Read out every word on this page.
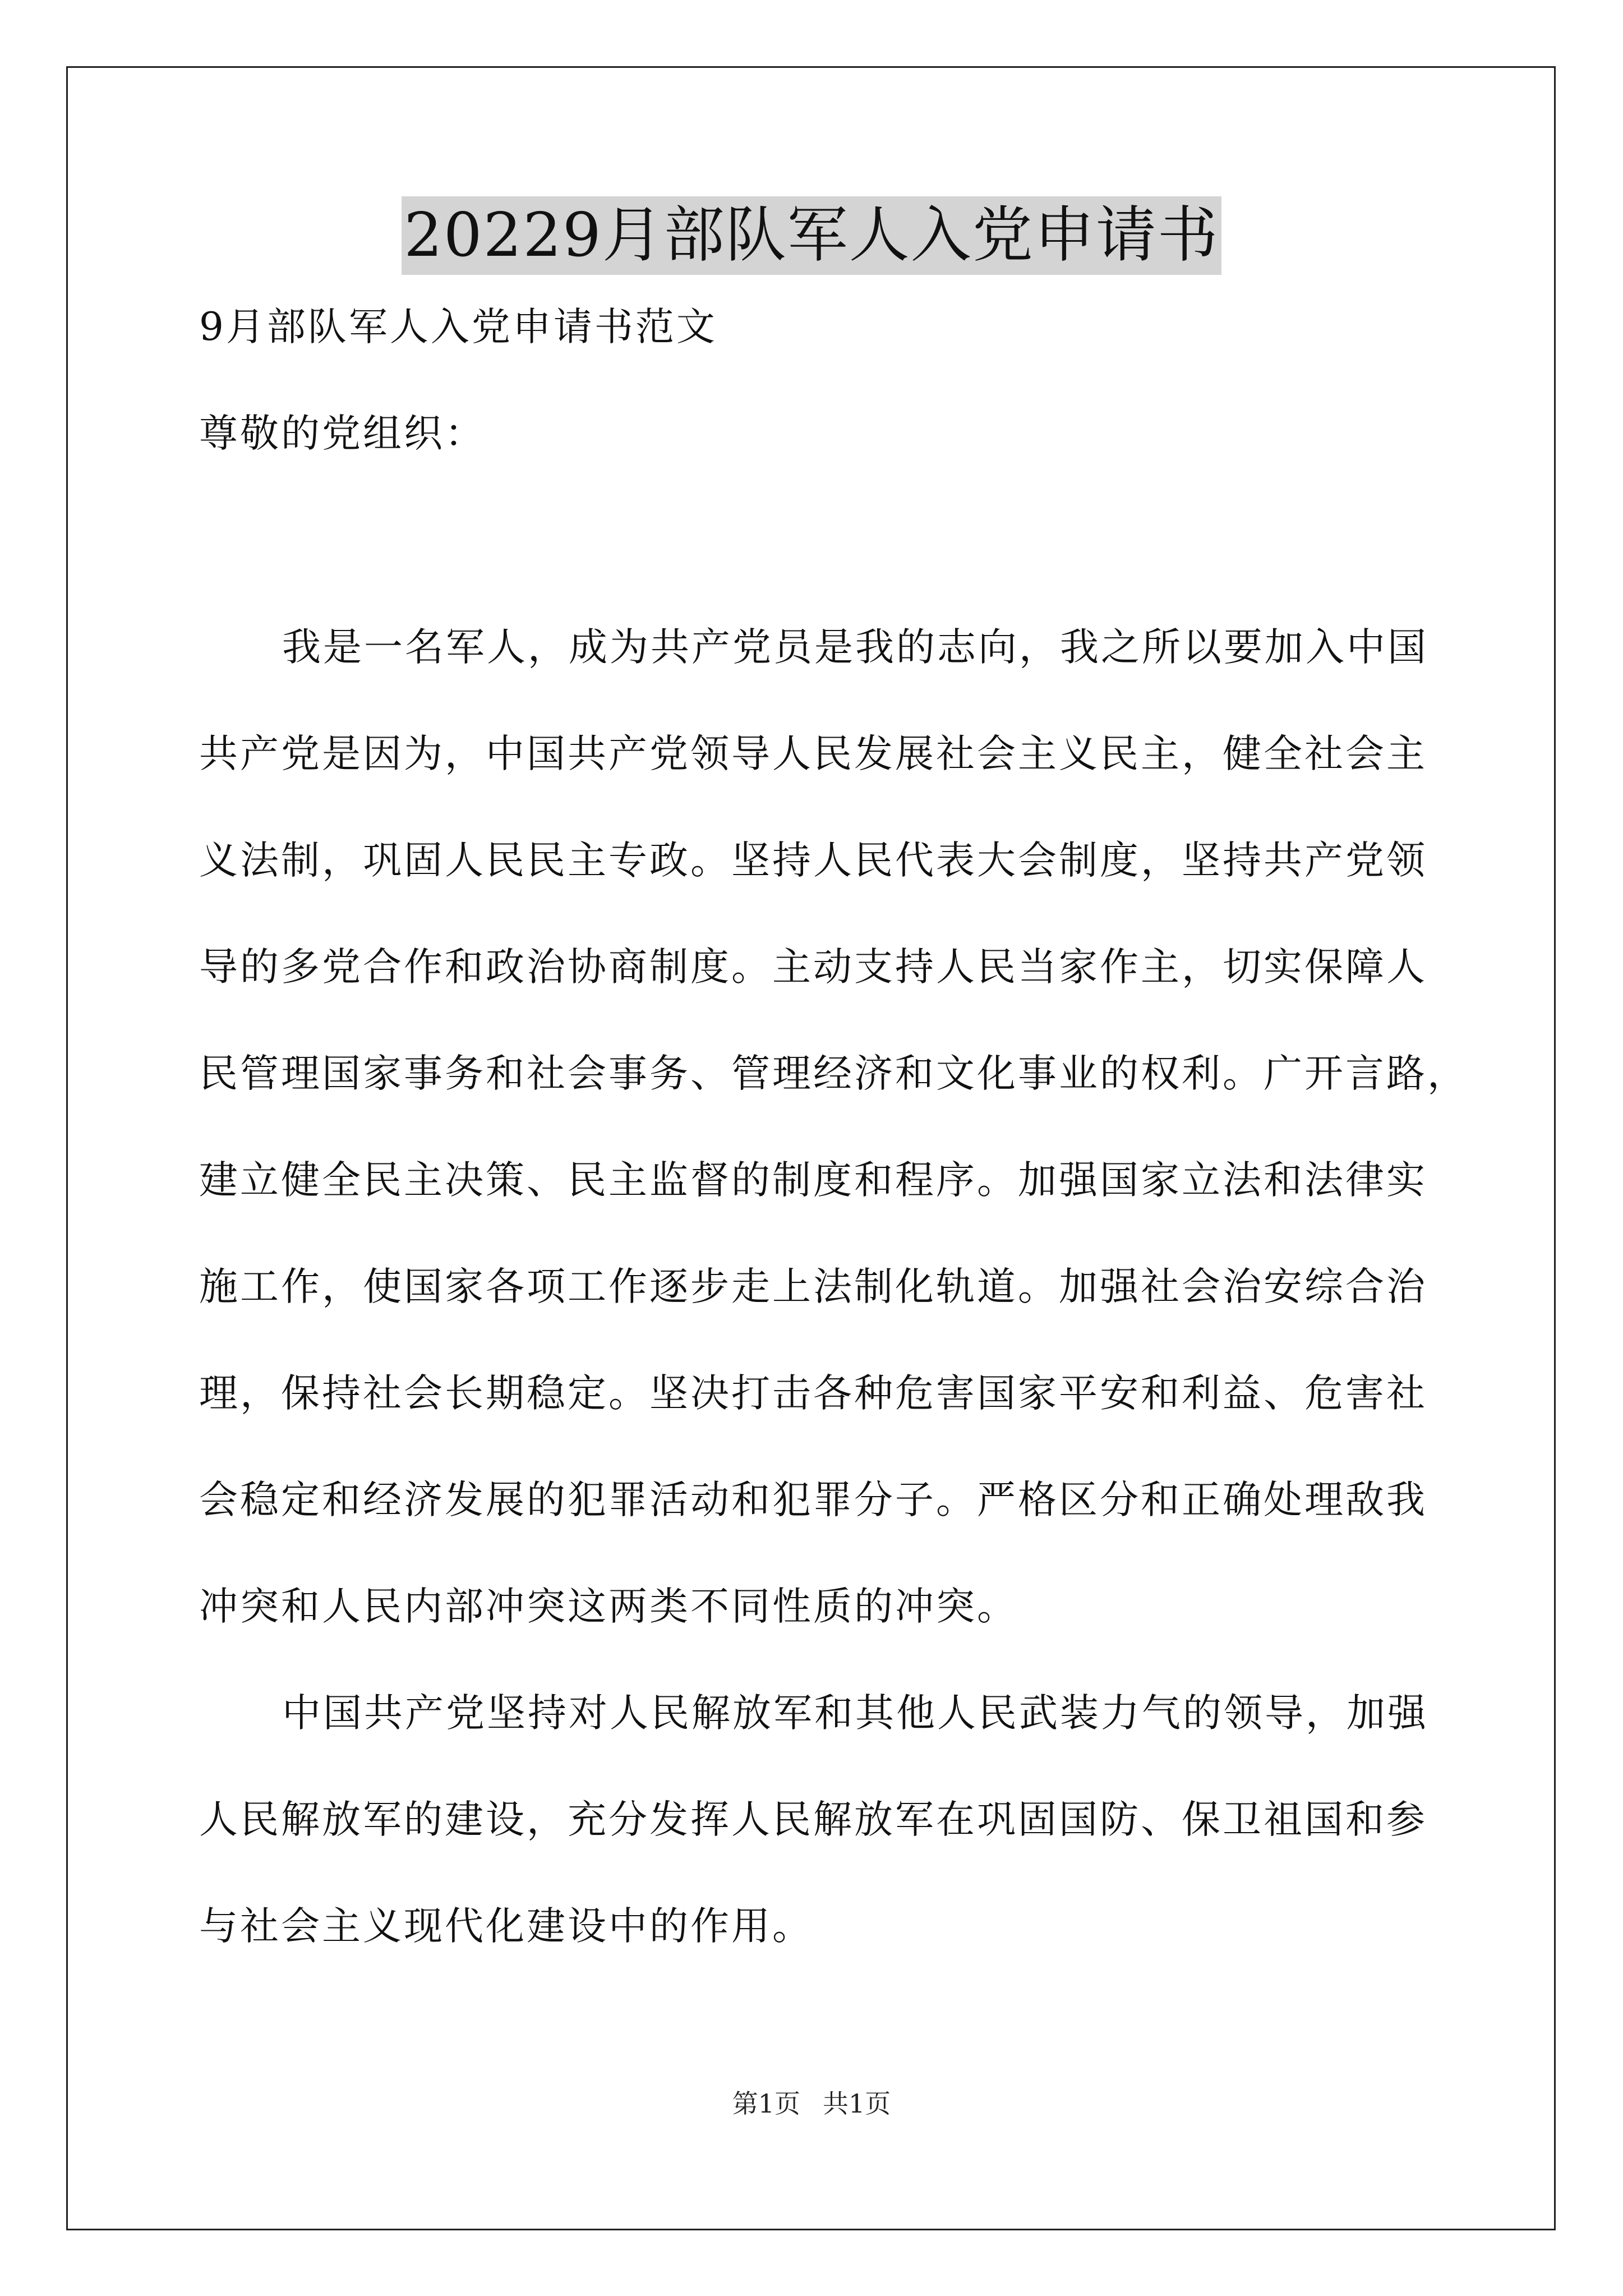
20229月部队军人入党申请书

9月部队军人入党申请书范文

尊敬的党组织：

我是一名军人，成为共产党员是我的志向，我之所以要加入中国
共产党是因为，中国共产党领导人民发展社会主义民主，健全社会主
义法制，巩固人民民主专政。坚持人民代表大会制度，坚持共产党领
导的多党合作和政治协商制度。主动支持人民当家作主，切实保障人
民管理国家事务和社会事务、管理经济和文化事业的权利。广开言路，
建立健全民主决策、民主监督的制度和程序。加强国家立法和法律实
施工作，使国家各项工作逐步走上法制化轨道。加强社会治安综合治
理，保持社会长期稳定。坚决打击各种危害国家平安和利益、危害社
会稳定和经济发展的犯罪活动和犯罪分子。严格区分和正确处理敌我
冲突和人民内部冲突这两类不同性质的冲突。
中国共产党坚持对人民解放军和其他人民武装力气的领导，加强
人民解放军的建设，充分发挥人民解放军在巩固国防、保卫祖国和参
与社会主义现代化建设中的作用。
第1页 共1页
